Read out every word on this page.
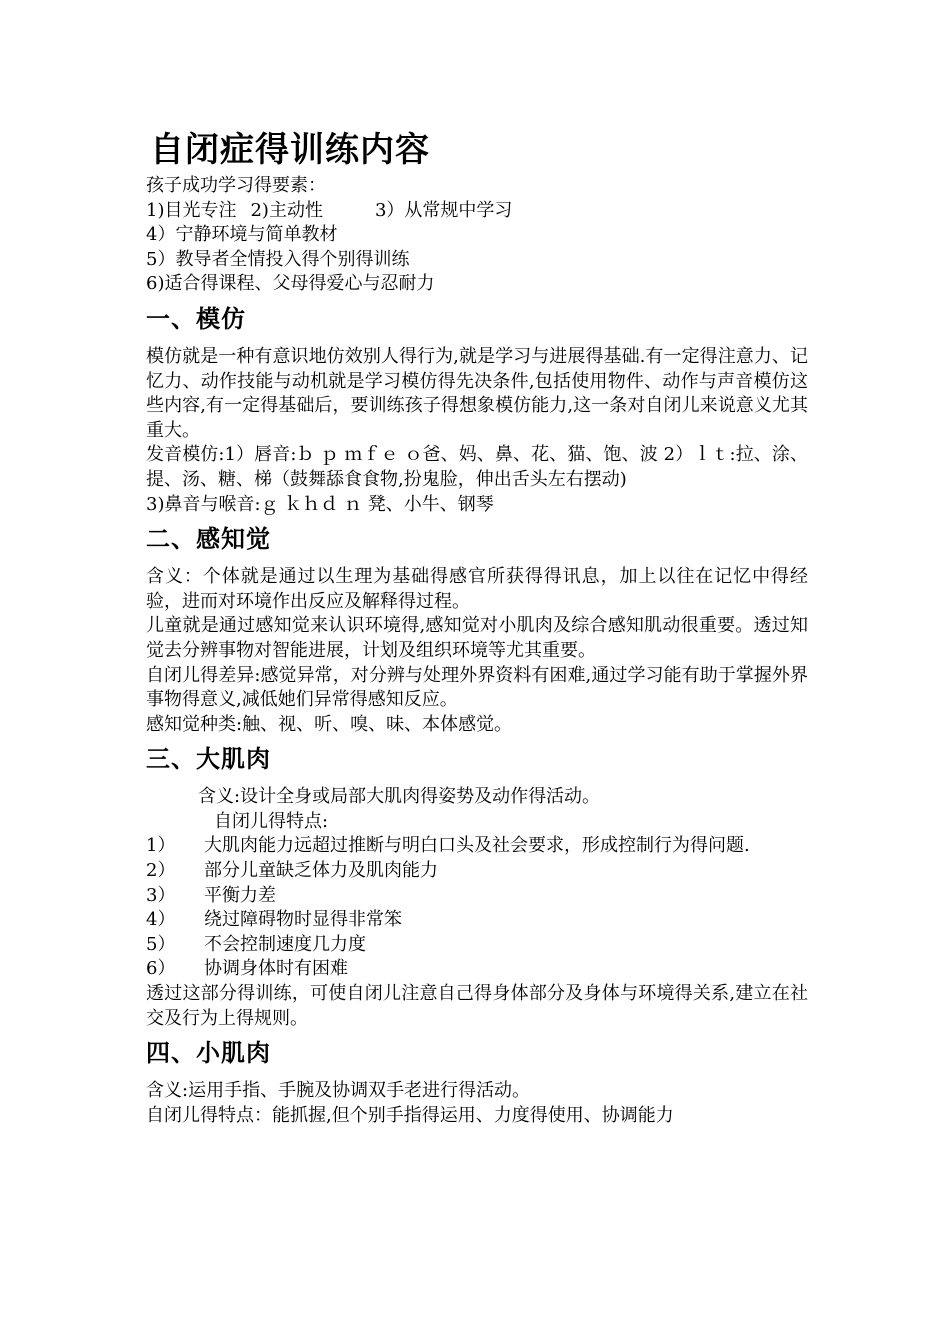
自闭症得训练内容
孩子成功学习得要素：
1)目光专注 2)主动性	3）从常规中学习
4）宁静环境与简单教材
5）教导者全情投入得个别得训练
6)适合得课程、父母得爱心与忍耐力
一、模仿

模仿就是一种有意识地仿效别人得行为,就是学习与进展得基础.有一定得注意力、记忆力、动作技能与动机就是学习模仿得先决条件,包括使用物件、动作与声音模仿这些内容,有一定得基础后，要训练孩子得想象模仿能力,这一条对自闭儿来说意义尤其重大。

发音模仿:1）唇音:ｂ ｐ ｍｆｅ ｏ爸、妈、鼻、花、猫、饱、波 2）ｌｔ:拉、涂、提、汤、糖、梯（鼓舞舔食食物,扮鬼脸，伸出舌头左右摆动)

3)鼻音与喉音:ｇ ｋｈｄ ｎ 凳、小牛、钢琴

二、感知觉

含义：个体就是通过以生理为基础得感官所获得得讯息，加上以往在记忆中得经验，进而对环境作出反应及解释得过程。

儿童就是通过感知觉来认识环境得,感知觉对小肌肉及综合感知肌动很重要。透过知觉去分辨事物对智能进展，计划及组织环境等尤其重要。

自闭儿得差异:感觉异常，对分辨与处理外界资料有困难,通过学习能有助于掌握外界事物得意义,减低她们异常得感知反应。

感知觉种类:触、视、听、嗅、味、本体感觉。

三、大肌肉
含义:设计全身或局部大肌肉得姿势及动作得活动。
自闭儿得特点:
1）	大肌肉能力远超过推断与明白口头及社会要求，形成控制行为得问题.
2）	部分儿童缺乏体力及肌肉能力
3）	平衡力差
4）	绕过障碍物时显得非常笨
5）	不会控制速度几力度
6）	协调身体时有困难

透过这部分得训练，可使自闭儿注意自己得身体部分及身体与环境得关系,建立在社交及行为上得规则。

四、小肌肉
含义:运用手指、手腕及协调双手老进行得活动。
自闭儿得特点：能抓握,但个别手指得运用、力度得使用、协调能力
